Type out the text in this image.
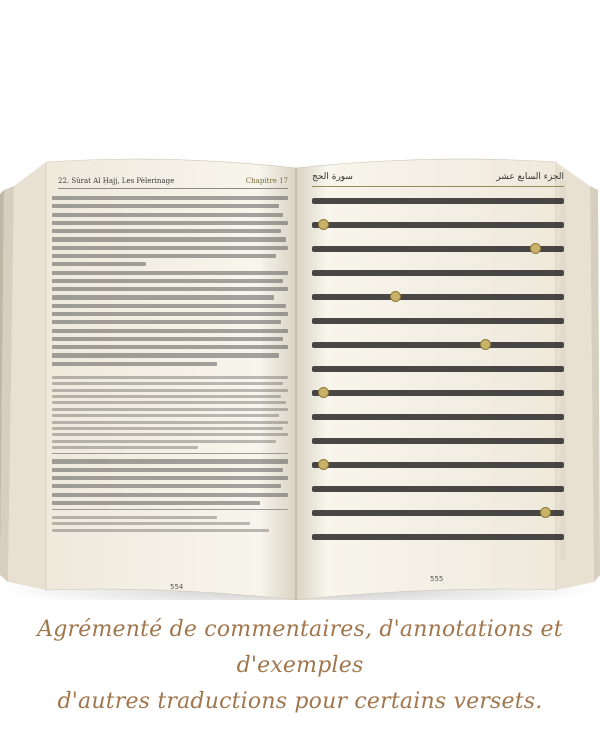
22. Sûrat Al Ḥajj, Les Pèlerinage	Chapitre 17
554
سورة الحج	الجزء السابع عشر
555
Agrémenté de commentaires, d'annotations et d'exemples
d'autres traductions pour certains versets.
